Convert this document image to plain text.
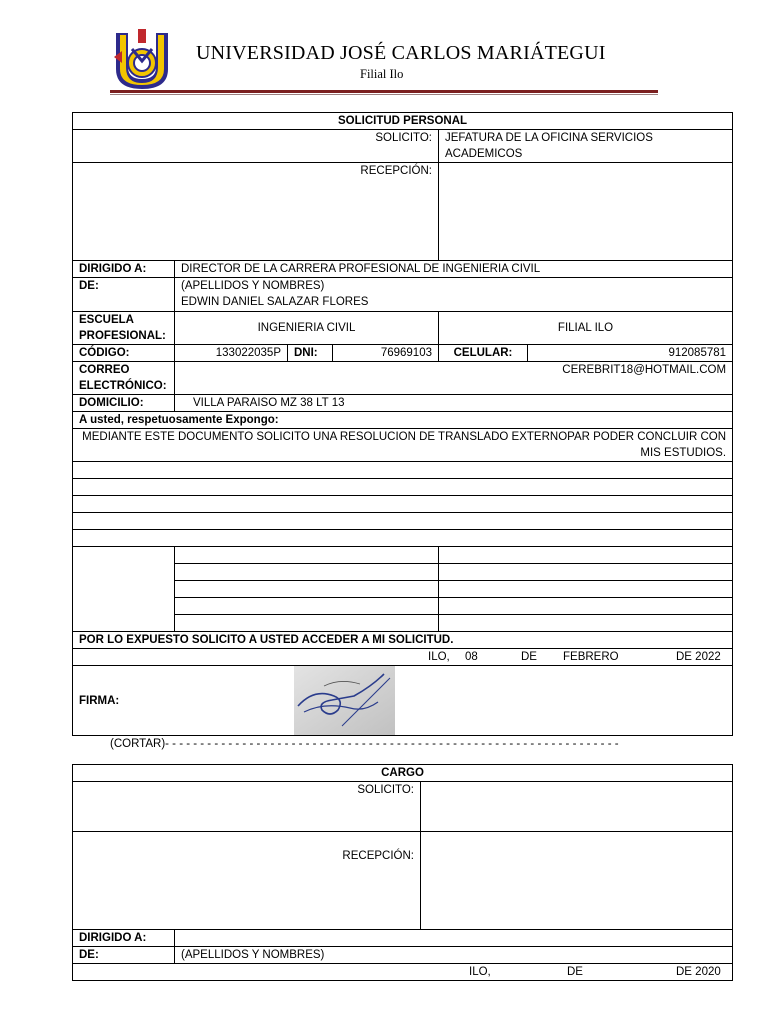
UNIVERSIDAD JOSÉ CARLOS MARIÁTEGUI
Filial Ilo
SOLICITUD PERSONAL					
SOLICITO:				JEFATURA DE LA OFICINA SERVICIOS ACADEMICOS	
RECEPCIÓN:					
DIRIGIDO A:	DIRECTOR DE LA CARRERA PROFESIONAL DE INGENIERIA CIVIL				
DE:	(APELLIDOS Y NOMBRES)
EDWIN DANIEL SALAZAR FLORES				

ESCUELA PROFESIONAL:	INGENIERIA CIVIL			FILIAL ILO	
CÓDIGO:	133022035P	DNI:	76969103	CELULAR:	912085781
CORREO ELECTRÓNICO:	CEREBRIT18@HOTMAIL.COM				
DOMICILIO:	VILLA PARAISO MZ 38 LT 13				
A usted, respetuosamente Expongo:					
MEDIANTE ESTE DOCUMENTO SOLICITO UNA RESOLUCION DE TRANSLADO EXTERNOPAR PODER CONCLUIR CON MIS ESTUDIOS.					

POR LO EXPUESTO SOLICITO A USTED ACCEDER A MI SOLICITUD.					

ILO, 08 DE FEBRERO DE 2022					

FIRMA:					
(CORTAR)- - - - - - - - - - - - - - - - - - - - - - - - - - - - - - - - - - - - - - - - - - - - - - - - - - - - - - - - - - - - - - - - -
CARGO		
SOLICITO:		
RECEPCIÓN:		
DIRIGIDO A:		
DE:	(APELLIDOS Y NOMBRES)	

ILO, DE DE 2020		
